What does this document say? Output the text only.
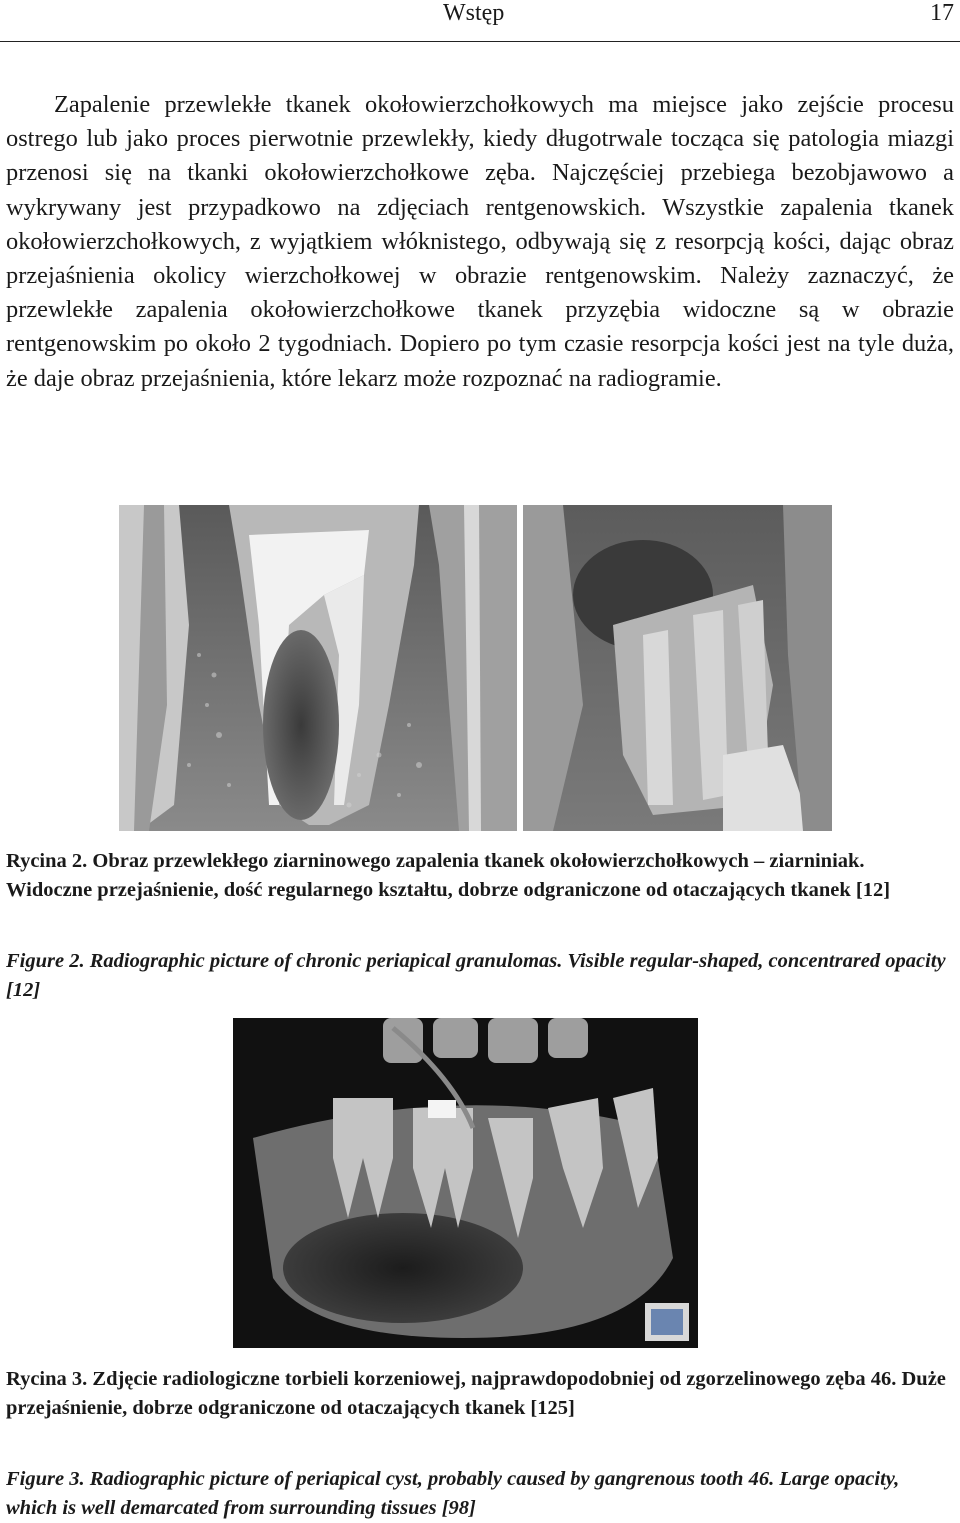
Wstęp	17

Zapalenie przewlekłe tkanek okołowierzchołkowych ma miejsce jako zejście procesu ostrego lub jako proces pierwotnie przewlekły, kiedy długotrwale tocząca się patologia miazgi przenosi się na tkanki okołowierzchołkowe zęba. Najczęściej przebiega bezobjawowo a wykrywany jest przypadkowo na zdjęciach rentgenowskich. Wszystkie zapalenia tkanek okołowierzchołkowych, z wyjątkiem włóknistego, odbywają się z resorpcją kości, dając obraz przejaśnienia okolicy wierzchołkowej w obrazie rentgenowskim. Należy zaznaczyć, że przewlekłe zapalenia okołowierzchołkowe tkanek przyzębia widoczne są w obrazie rentgenowskim po około 2 tygodniach. Dopiero po tym czasie resorpcja kości jest na tyle duża, że daje obraz przejaśnienia, które lekarz może rozpoznać na radiogramie.

Rycina 2. Obraz przewlekłego ziarninowego zapalenia tkanek okołowierzchołkowych – ziarniniak. Widoczne przejaśnienie, dość regularnego kształtu, dobrze odgraniczone od otaczających tkanek [12]
Figure 2. Radiographic picture of chronic periapical granulomas. Visible regular-shaped, concentrared opacity [12]
Rycina 3. Zdjęcie radiologiczne torbieli korzeniowej, najprawdopodobniej od zgorzelinowego zęba 46. Duże przejaśnienie, dobrze odgraniczone od otaczających tkanek [125]
Figure 3. Radiographic picture of periapical cyst, probably caused by gangrenous tooth 46. Large opacity, which is well demarcated from surrounding tissues [98]
